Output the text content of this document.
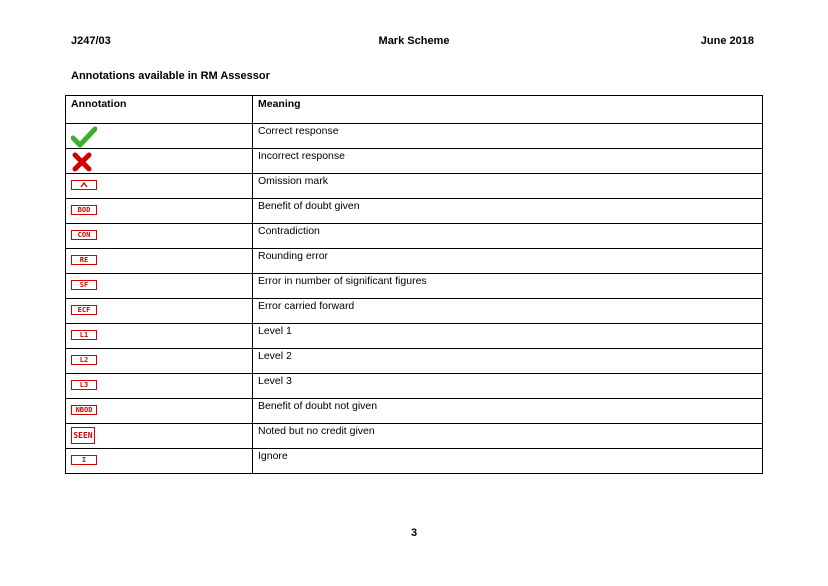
J247/03	Mark Scheme	June 2018
Annotations available in RM Assessor
Annotation	Meaning

	Correct response

	Incorrect response

	Omission mark
BOD	Benefit of doubt given
CON	Contradiction
RE	Rounding error
SF	Error in number of significant figures
ECF	Error carried forward
L1	Level 1
L2	Level 2
L3	Level 3
NBOD	Benefit of doubt not given
SEEN	Noted but no credit given
I	Ignore
3
